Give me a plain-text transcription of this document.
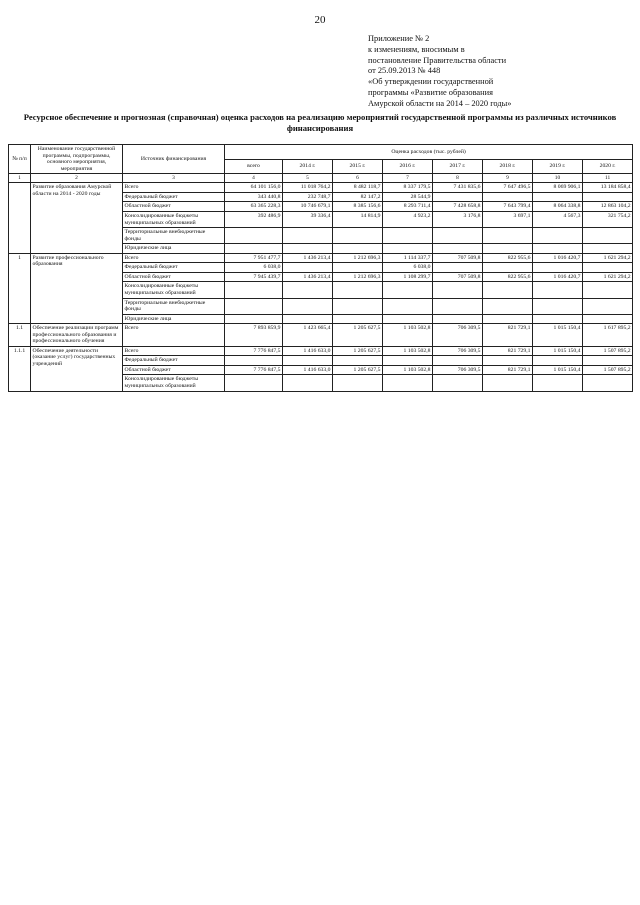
20
Приложение № 2
к изменениям, вносимым в
постановление Правительства области
от 25.09.2013 № 448
«Об утверждении государственной
программы «Развитие образования
Амурской области на 2014 – 2020 годы»
Ресурсное обеспечение и прогнозная (справочная) оценка расходов на реализацию мероприятий государственной программы из различных источников финансирования
№ п/п	Наименование государственной программы, подпрограммы, основного мероприятия, мероприятия	Источник финансирования	Оценка расходов (тыс. рублей)							
			всего	2014 г.	2015 г.	2016 г.	2017 г.	2018 г.	2019 г.	2020 г.
1	2	3	4	5	6	7	8	9	10	11
	Развитие образования Амурской области на 2014 - 2020 годы	Всего	64 101 156,0	11 018 764,2	8 482 118,7	8 337 179,5	7 431 835,6	7 647 496,5	8 069 906,1	13 184 858,4
		Федеральный бюджет	343 440,8	232 748,7	82 147,2	28 544,9				
		Областной бюджет	63 365 228,3	10 746 679,1	8 385 156,6	8 293 711,4	7 428 658,8	7 643 799,4	8 064 338,8	12 863 104,2
		Консолидированные бюджеты муниципальных образований	392 486,9	39 336,4	14 814,9	4 923,2	3 176,8	3 697,1	4 567,3	321 754,2
		Территориальные внебюджетные фонды								
		Юридические лица								
1	Развитие профессионального образования	Всего	7 951 477,7	1 436 213,4	1 212 696,3	1 114 337,7	707 509,8	822 955,6	1 016 420,7	1 621 294,2
		Федеральный бюджет	6 038,0			6 038,0				
		Областной бюджет	7 945 439,7	1 436 213,4	1 212 696,3	1 108 299,7	707 509,8	822 955,6	1 016 420,7	1 621 294,2
		Консолидированные бюджеты муниципальных образований								
		Территориальные внебюджетные фонды								
		Юридические лица								
1.1	Обеспечение реализации программ профессионального образования и профессионального обучения	Всего	7 893 859,9	1 423 665,4	1 205 627,5	1 103 502,8	706 309,5	821 729,1	1 015 150,4	1 617 895,2
1.1.1	Обеспечение деятельности (оказание услуг) государственных учреждений	Всего	7 776 847,5	1 416 633,0	1 205 627,5	1 103 502,8	706 309,5	821 729,1	1 015 150,4	1 507 895,2
		Федеральный бюджет								
		Областной бюджет	7 776 847,5	1 416 633,0	1 205 627,5	1 103 502,8	706 309,5	821 729,1	1 015 150,4	1 507 895,2
		Консолидированные бюджеты муниципальных образований								
